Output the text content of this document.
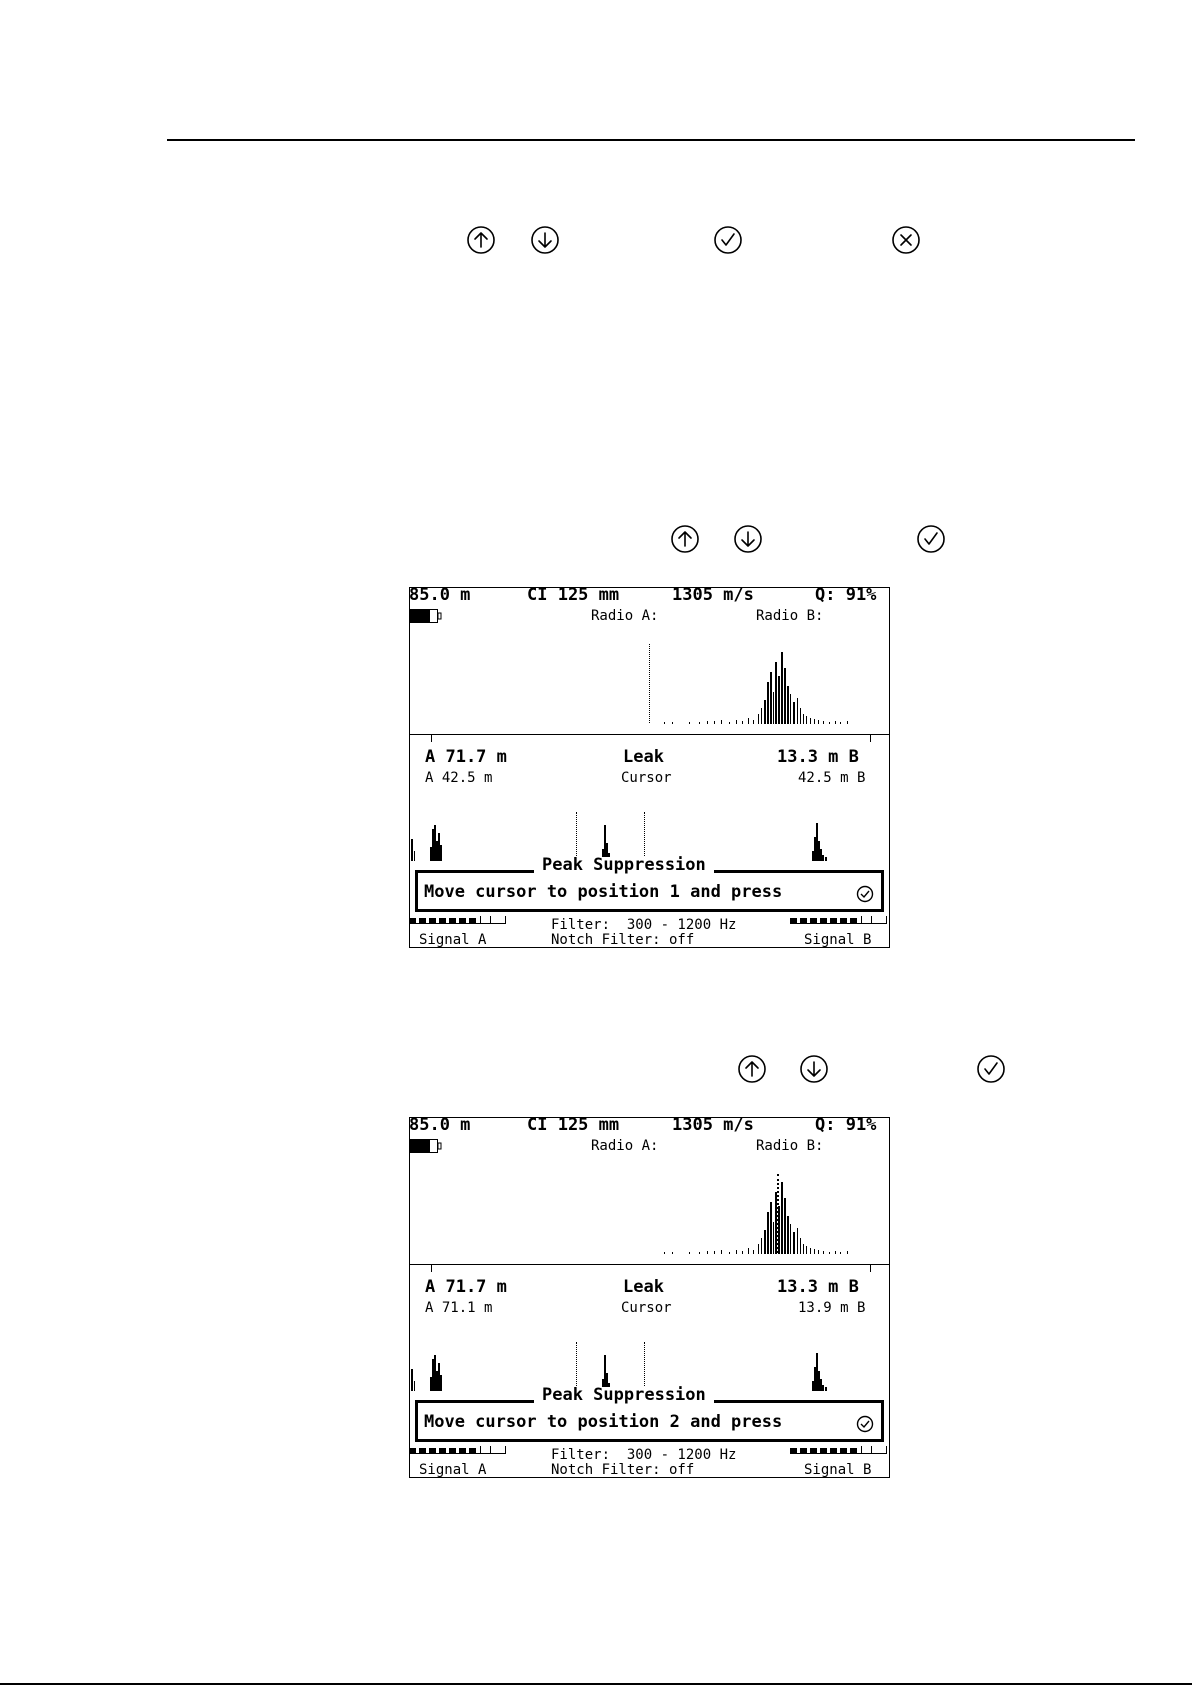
85.0 m	CI 125 mm	1305 m/s	Q: 91%
Radio A:	Radio B:
A 71.7 m	Leak	13.3 m B
A 42.5 m	Cursor	42.5 m B
Move cursor to position 1 and press
Peak Suppression
Filter:  300 - 1200 Hz
Notch Filter: off
Signal A	Signal B
85.0 m	CI 125 mm	1305 m/s	Q: 91%
Radio A:	Radio B:
A 71.7 m	Leak	13.3 m B
A 71.1 m	Cursor	13.9 m B
Move cursor to position 2 and press
Peak Suppression
Filter:  300 - 1200 Hz
Notch Filter: off
Signal A	Signal B
